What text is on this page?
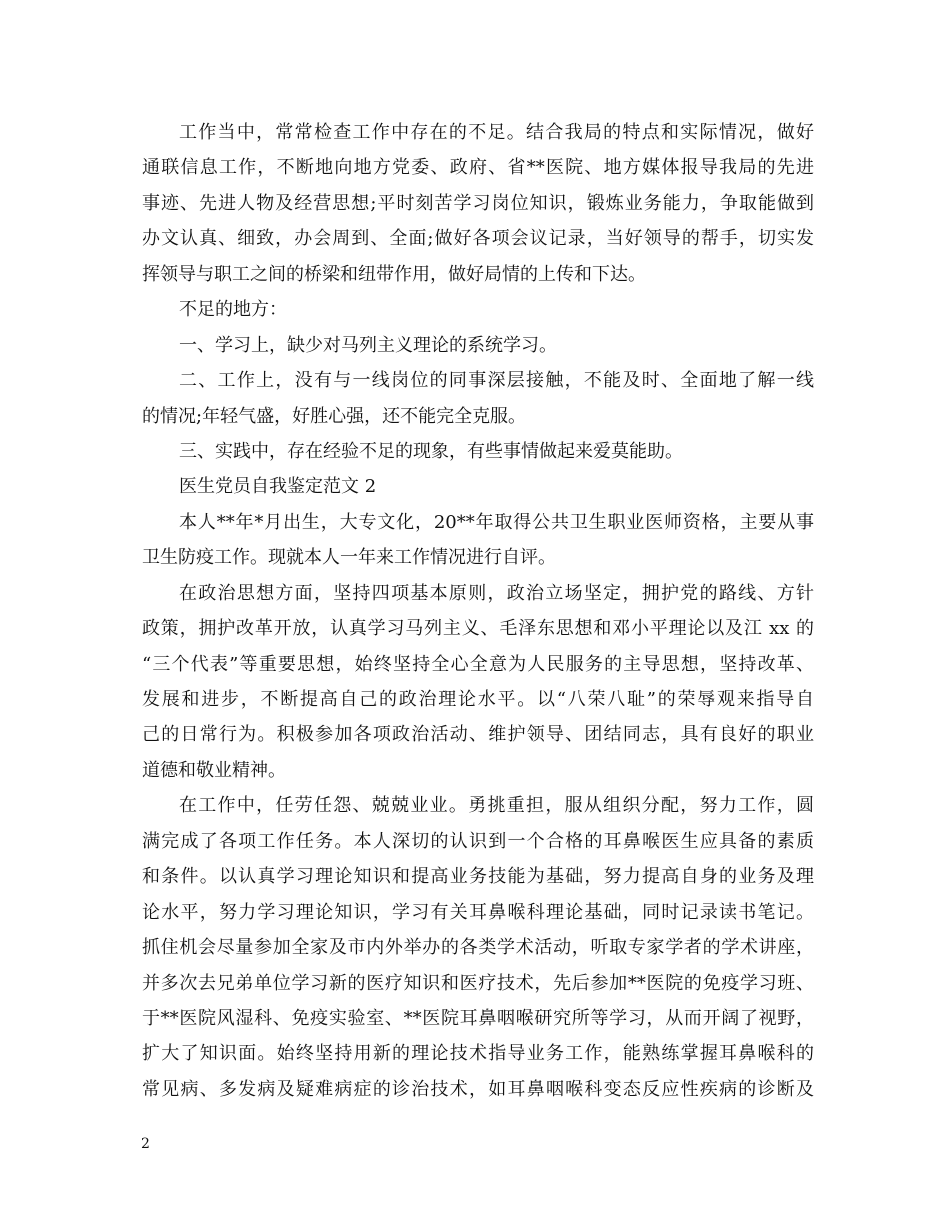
工作当中，常常检查工作中存在的不足。结合我局的特点和实际情况，做好
通联信息工作，不断地向地方党委、政府、省**医院、地方媒体报导我局的先进
事迹、先进人物及经营思想;平时刻苦学习岗位知识，锻炼业务能力，争取能做到
办文认真、细致，办会周到、全面;做好各项会议记录，当好领导的帮手，切实发
挥领导与职工之间的桥梁和纽带作用，做好局情的上传和下达。
不足的地方：
一、学习上，缺少对马列主义理论的系统学习。
二、工作上，没有与一线岗位的同事深层接触，不能及时、全面地了解一线
的情况;年轻气盛，好胜心强，还不能完全克服。
三、实践中，存在经验不足的现象，有些事情做起来爱莫能助。
医生党员自我鉴定范文 2
本人**年*月出生，大专文化，20**年取得公共卫生职业医师资格，主要从事
卫生防疫工作。现就本人一年来工作情况进行自评。
在政治思想方面，坚持四项基本原则，政治立场坚定，拥护党的路线、方针
政策，拥护改革开放，认真学习马列主义、毛泽东思想和邓小平理论以及江 xx 的
“三个代表”等重要思想，始终坚持全心全意为人民服务的主导思想，坚持改革、
发展和进步，不断提高自己的政治理论水平。以“八荣八耻”的荣辱观来指导自
己的日常行为。积极参加各项政治活动、维护领导、团结同志，具有良好的职业
道德和敬业精神。
在工作中，任劳任怨、兢兢业业。勇挑重担，服从组织分配，努力工作，圆
满完成了各项工作任务。本人深切的认识到一个合格的耳鼻喉医生应具备的素质
和条件。以认真学习理论知识和提高业务技能为基础，努力提高自身的业务及理
论水平，努力学习理论知识，学习有关耳鼻喉科理论基础，同时记录读书笔记。
抓住机会尽量参加全家及市内外举办的各类学术活动，听取专家学者的学术讲座，
并多次去兄弟单位学习新的医疗知识和医疗技术，先后参加**医院的免疫学习班、
于**医院风湿科、免疫实验室、**医院耳鼻咽喉研究所等学习，从而开阔了视野，
扩大了知识面。始终坚持用新的理论技术指导业务工作，能熟练掌握耳鼻喉科的
常见病、多发病及疑难病症的诊治技术，如耳鼻咽喉科变态反应性疾病的诊断及
2
